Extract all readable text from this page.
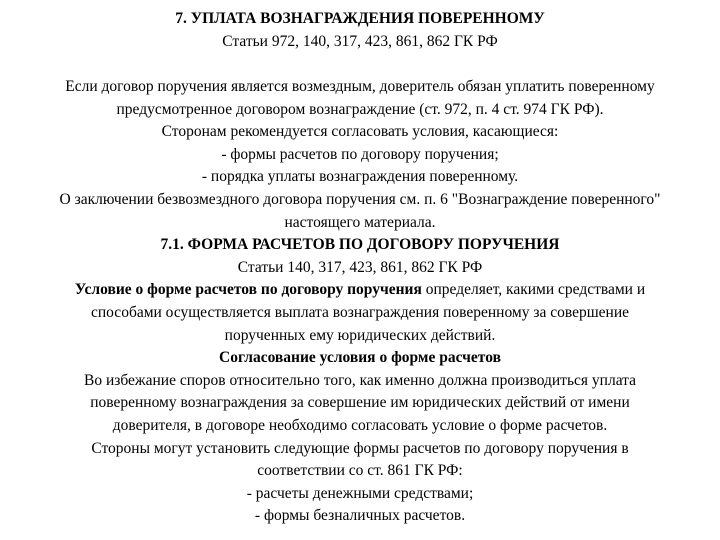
7. УПЛАТА ВОЗНАГРАЖДЕНИЯ ПОВЕРЕННОМУ
Статьи 972, 140, 317, 423, 861, 862 ГК РФ
Если договор поручения является возмездным, доверитель обязан уплатить поверенному
предусмотренное договором вознаграждение (ст. 972, п. 4 ст. 974 ГК РФ).
Сторонам рекомендуется согласовать условия, касающиеся:
- формы расчетов по договору поручения;
- порядка уплаты вознаграждения поверенному.
О заключении безвозмездного договора поручения см. п. 6 "Вознаграждение поверенного"
настоящего материала.
7.1. ФОРМА РАСЧЕТОВ ПО ДОГОВОРУ ПОРУЧЕНИЯ
Статьи 140, 317, 423, 861, 862 ГК РФ
Условие о форме расчетов по договору поручения определяет, какими средствами и
способами осуществляется выплата вознаграждения поверенному за совершение
порученных ему юридических действий.
Согласование условия о форме расчетов
Во избежание споров относительно того, как именно должна производиться уплата
поверенному вознаграждения за совершение им юридических действий от имени
доверителя, в договоре необходимо согласовать условие о форме расчетов.
Стороны могут установить следующие формы расчетов по договору поручения в
соответствии со ст. 861 ГК РФ:
- расчеты денежными средствами;
- формы безналичных расчетов.
